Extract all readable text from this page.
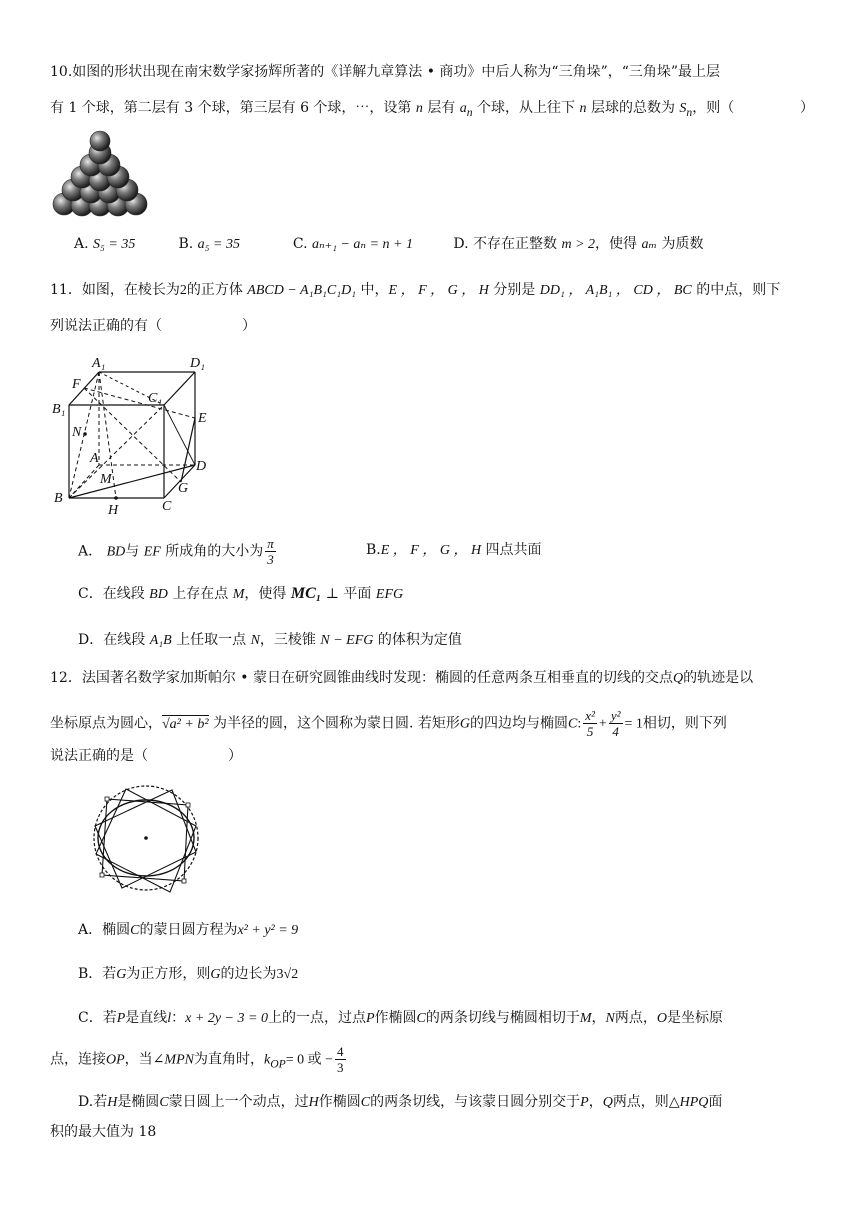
10.如图的形状出现在南宋数学家扬辉所著的《详解九章算法 • 商功》中后人称为“三角垛”，“三角垛”最上层
有 1 个球，第二层有 3 个球，第三层有 6 个球，⋯，设第 n 层有 $a_n$ 个球，从上往下 n 层球的总数为 $S_n$，则（	）
A. S₅ = 35	B. a₅ = 35	C. aₙ₊₁ − aₙ = n + 1	D. 不存在正整数 m > 2，使得 aₘ 为质数
11．如图，在棱长为2的正方体 ABCD − A₁B₁C₁D₁ 中，E ， F ， G ， H 分别是 DD₁ ， A₁B₁ ， CD ， BC 的中点，则下
列说法正确的有（	）
A₁	D₁
F
C₁
B₁
E
N
A
D
M
G
B
C
H
A． BD与 EF 所成角的大小为 $\frac{\pi}{3}$	B.E ， F ， G ， H 四点共面
C．在线段 BD 上存在点 M，使得 MC₁ ⊥ 平面 EFG
D．在线段 A₁B 上任取一点 N，三棱锥 N − EFG 的体积为定值
12．法国著名数学家加斯帕尔 • 蒙日在研究圆锥曲线时发现：椭圆的任意两条互相垂直的切线的交点Q的轨迹是以
坐标原点为圆心，√a² + b² 为半径的圆，这个圆称为蒙日圆. 若矩形G的四边均与椭圆C: $\frac{\text{x²}}{5} + \frac{\text{y²}}{4} = 1$相切，则下列
说法正确的是（	）
A．椭圆C的蒙日圆方程为x² + y² = 9
B．若G为正方形，则G的边长为3√2
C．若P是直线l：x + 2y − 3 = 0上的一点，过点P作椭圆C的两条切线与椭圆相切于M，N两点，O是坐标原
点，连接OP，当∠MPN为直角时，$k_{OP}= 0$ 或 − $\frac{4}{3}$
D.若H是椭圆C蒙日圆上一个动点，过H作椭圆C的两条切线，与该蒙日圆分别交于P，Q两点，则△HPQ面
积的最大值为 18
